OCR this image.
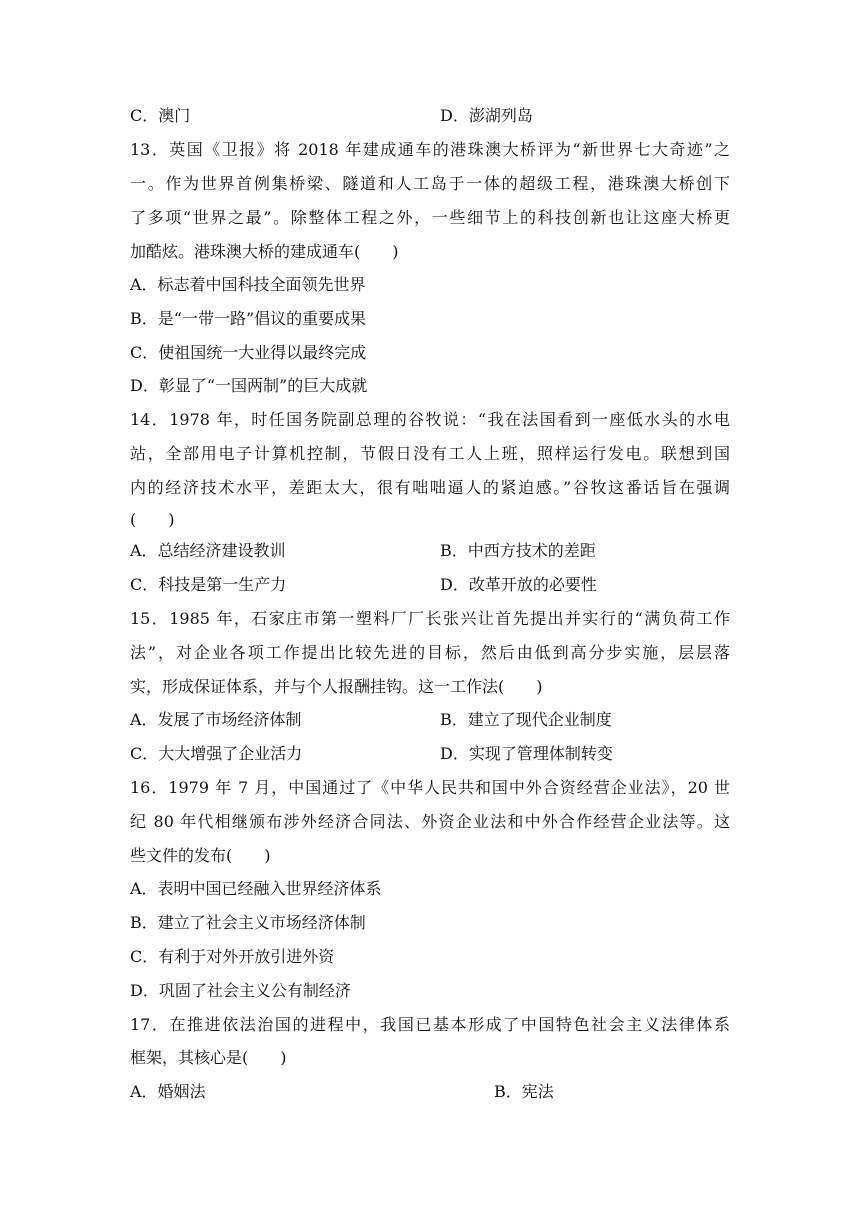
C．澳门	D．澎湖列岛
13．英国《卫报》将 2018 年建成通车的港珠澳大桥评为“新世界七大奇迹”之
一。作为世界首例集桥梁、隧道和人工岛于一体的超级工程，港珠澳大桥创下
了多项“世界之最”。除整体工程之外，一些细节上的科技创新也让这座大桥更
加酷炫。港珠澳大桥的建成通车(　　)
A．标志着中国科技全面领先世界
B．是“一带一路”倡议的重要成果
C．使祖国统一大业得以最终完成
D．彰显了“一国两制”的巨大成就
14．1978 年，时任国务院副总理的谷牧说：“我在法国看到一座低水头的水电
站，全部用电子计算机控制，节假日没有工人上班，照样运行发电。联想到国
内的经济技术水平，差距太大，很有咄咄逼人的紧迫感。”谷牧这番话旨在强调
(　　)
A．总结经济建设教训	B．中西方技术的差距
C．科技是第一生产力	D．改革开放的必要性
15．1985 年，石家庄市第一塑料厂厂长张兴让首先提出并实行的“满负荷工作
法”，对企业各项工作提出比较先进的目标，然后由低到高分步实施，层层落
实，形成保证体系，并与个人报酬挂钩。这一工作法(　　)
A．发展了市场经济体制	B．建立了现代企业制度
C．大大增强了企业活力	D．实现了管理体制转变
16．1979 年 7 月，中国通过了《中华人民共和国中外合资经营企业法》，20 世
纪 80 年代相继颁布涉外经济合同法、外资企业法和中外合作经营企业法等。这
些文件的发布(　　)
A．表明中国已经融入世界经济体系
B．建立了社会主义市场经济体制
C．有利于对外开放引进外资
D．巩固了社会主义公有制经济
17．在推进依法治国的进程中，我国已基本形成了中国特色社会主义法律体系
框架，其核心是(　　)
A．婚姻法	B．宪法
